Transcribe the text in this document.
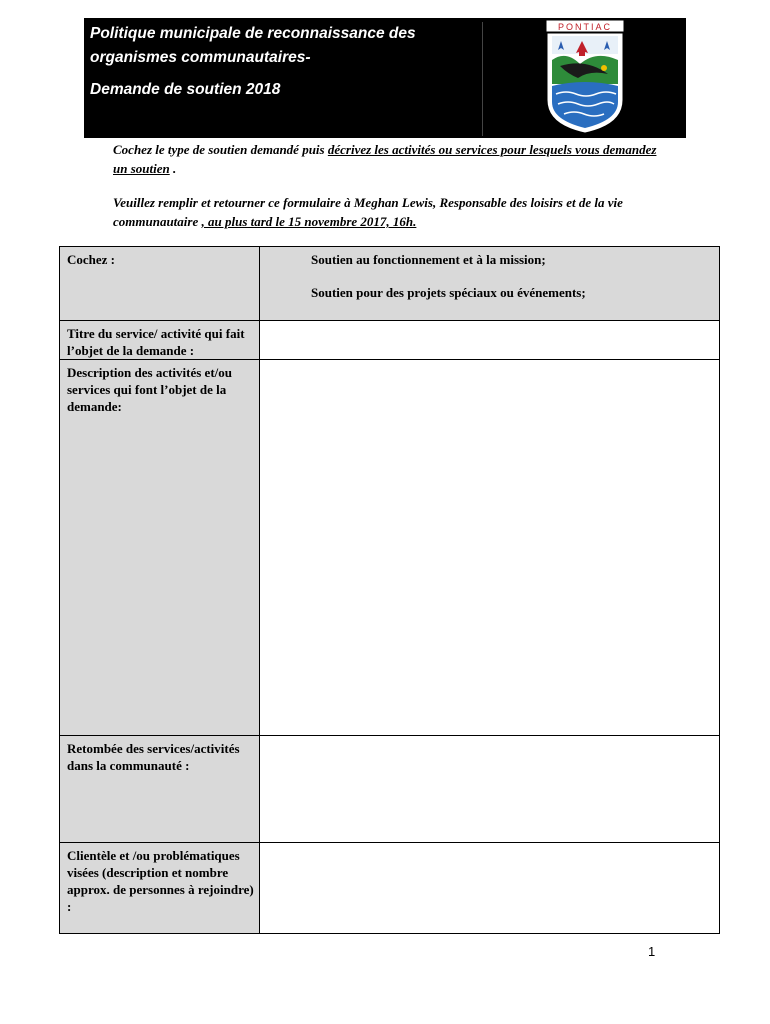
Politique municipale de reconnaissance des
organismes communautaires-
Demande de soutien 2018
PONTIAC
Cochez le type de soutien demandé puis décrivez les activités ou services pour lesquels vous demandez un soutien .
Veuillez remplir et retourner ce formulaire à Meghan Lewis, Responsable des loisirs et de la vie communautaire , au plus tard le 15 novembre 2017, 16h.
Cochez :	Soutien au fonctionnement et à la mission;
Soutien pour des projets spéciaux ou événements;

Titre du service/ activité qui fait l’objet de la demande :	
Description des activités et/ou services qui font l’objet de la demande:	
Retombée des services/activités dans la communauté :	
Clientèle et /ou problématiques visées (description et nombre approx. de personnes à rejoindre) :	
1
